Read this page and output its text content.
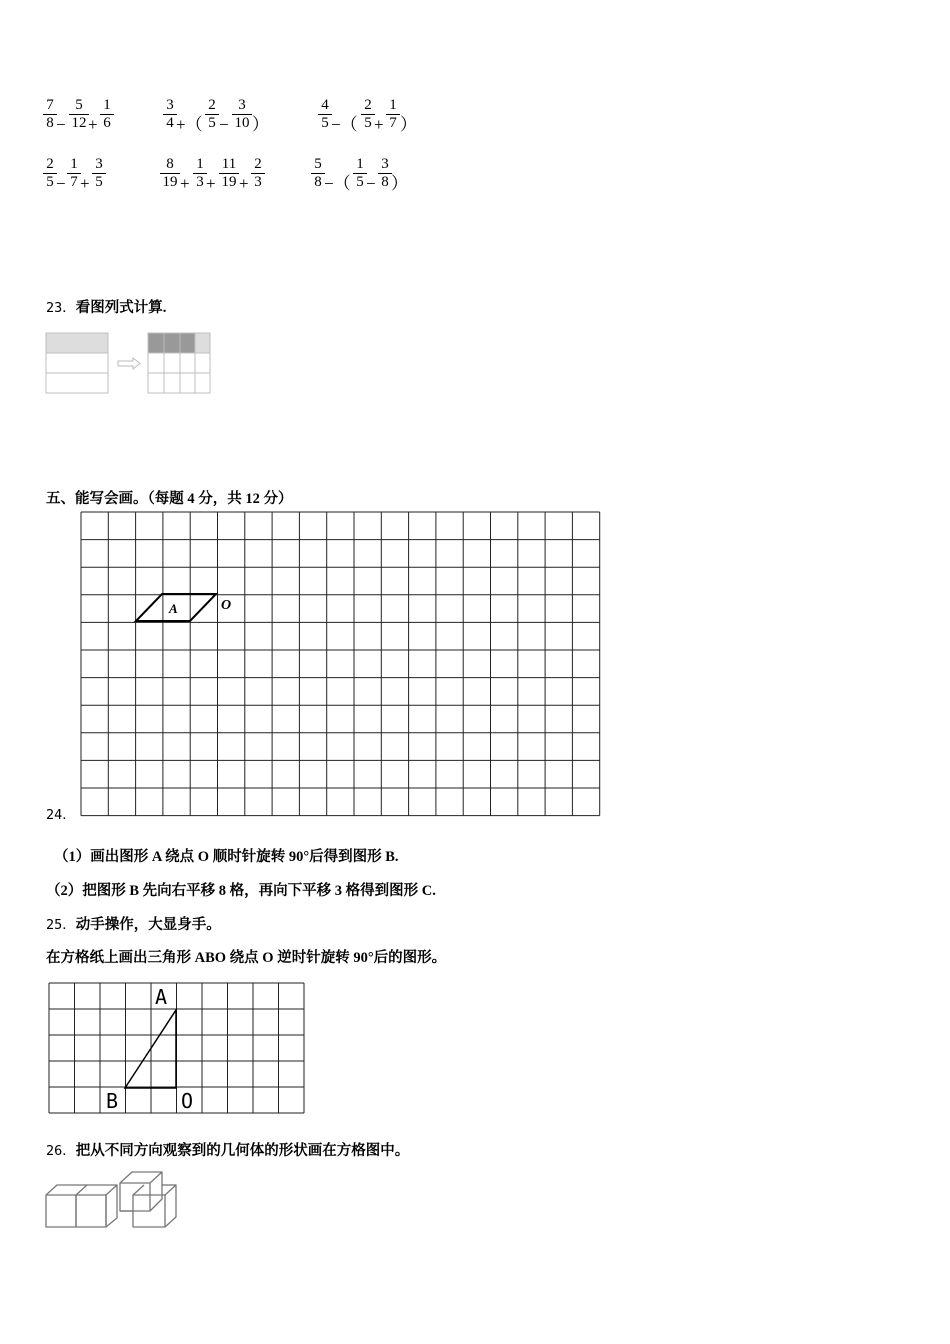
7
8 −
5
12 +
1
6
3
4 +（
2
5 −
3
10 ）
4
5 −（
2
5 +
1
7 ）
2
5 −
1
7 +
3
5
8
19 +
1
3 +
11
19 +
2
3
5
8 −（
1
5 −
3
8 ）
23．看图列式计算.
五、能写会画。（每题 4 分，共 12 分）
A	O
24．
（1）画出图形 A 绕点 O 顺时针旋转 90°后得到图形 B.
（2）把图形 B 先向右平移 8 格，再向下平移 3 格得到图形 C.
25．动手操作，大显身手。
在方格纸上画出三角形 ABO 绕点 O 逆时针旋转 90°后的图形。
A
B	O
26．把从不同方向观察到的几何体的形状画在方格图中。
